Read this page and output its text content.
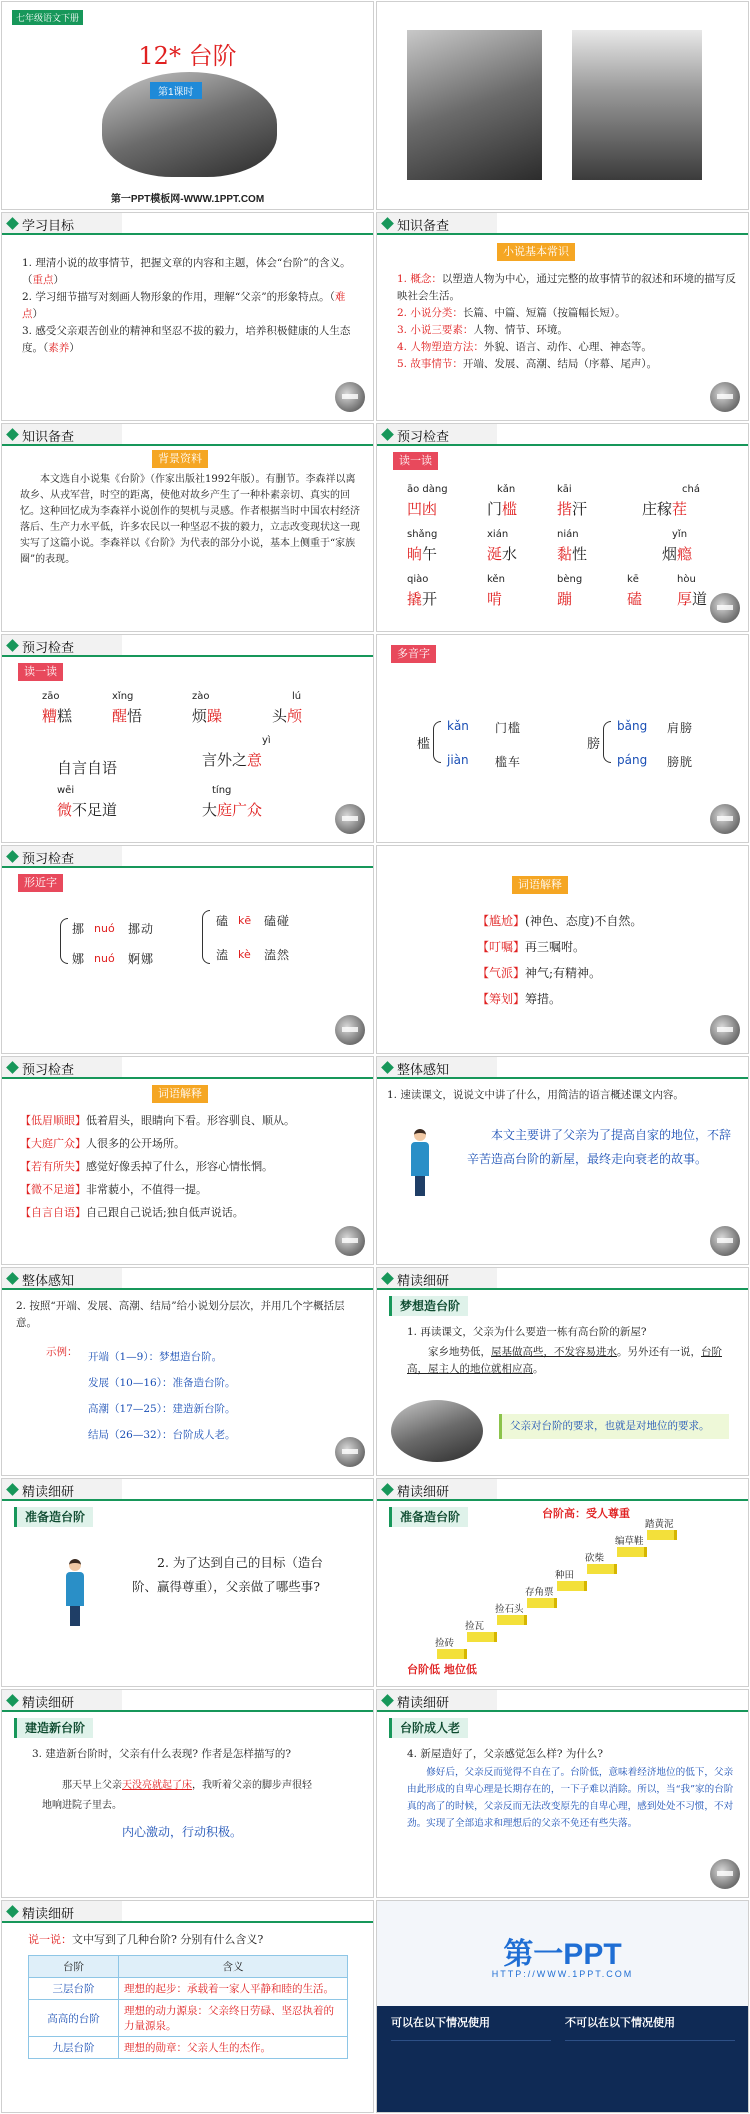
七年级语文下册
12* 台阶
第1课时
第一PPT模板网-WWW.1PPT.COM
学习目标
1. 理清小说的故事情节，把握文章的内容和主题，体会“台阶”的含义。（重点）
2. 学习细节描写对刻画人物形象的作用，理解“父亲”的形象特点。（难点）
3. 感受父亲艰苦创业的精神和坚忍不拔的毅力，培养积极健康的人生态度。（素养）
知识备查
小说基本常识
1. 概念：以塑造人物为中心，通过完整的故事情节的叙述和环境的描写反映社会生活。
2. 小说分类：长篇、中篇、短篇（按篇幅长短）。
3. 小说三要素：人物、情节、环境。
4. 人物塑造方法：外貌、语言、动作、心理、神态等。
5. 故事情节：开端、发展、高潮、结局（序幕、尾声）。
知识备查
背景资料
本文选自小说集《台阶》（作家出版社1992年版）。有删节。李森祥以离故乡、从戎军营，时空的距离，使他对故乡产生了一种朴素亲切、真实的回忆。这种回忆成为李森祥小说创作的契机与灵感。作者根据当时中国农村经济落后、生产力水平低，许多农民以一种坚忍不拔的毅力，立志改变现状这一现实写了这篇小说。李森祥以《台阶》为代表的部分小说，基本上侧重于“家族圈”的表现。
预习检查
读一读
āo dàng
凹凼
kǎn
门槛
kāi
揩汗
chá
庄稼茬
shǎng
晌午
xián
涎水
nián
黏性
yǐn
烟瘾
qiào
撬开
kěn
啃
bèng
蹦
kē
磕
hòu
厚道
预习检查
读一读
zāo
糟糕
xǐng
醒悟
zào
烦躁
lú
头颅
自言自语
yì
言外之意
wēi
微不足道
tíng
大庭广众
多音字
槛
kǎn 门槛
jiàn 槛车
膀
bǎng 肩膀
páng 膀胱
预习检查
形近字
挪 nuó 挪动
娜 nuó 婀娜
磕 kē 磕碰
溘 kè 溘然
词语解释
【尴尬】(神色、态度)不自然。
【叮嘱】再三嘱咐。
【气派】神气;有精神。
【筹划】筹措。
预习检查
词语解释
【低眉顺眼】低着眉头，眼睛向下看。形容驯良、顺从。
【大庭广众】人很多的公开场所。
【若有所失】感觉好像丢掉了什么，形容心情怅惘。
【微不足道】非常藐小，不值得一提。
【自言自语】自己跟自己说话;独自低声说话。
整体感知
1. 速读课文，说说文中讲了什么，用简洁的语言概述课文内容。
本文主要讲了父亲为了提高自家的地位，不辞辛苦造高台阶的新屋，最终走向衰老的故事。
整体感知
2. 按照“开端、发展、高潮、结局”给小说划分层次，并用几个字概括层意。
示例： 开端（1—9）：梦想造台阶。
发展（10—16）：准备造台阶。
高潮（17—25）：建造新台阶。
结局（26—32）：台阶成人老。
精读细研
梦想造台阶
1. 再读课文，父亲为什么要造一栋有高台阶的新屋?
家乡地势低，屋基做高些，不发容易进水。另外还有一说，台阶高，屋主人的地位就相应高。
父亲对台阶的要求，也就是对地位的要求。
精读细研
准备造台阶
2. 为了达到自己的目标（造台阶、赢得尊重），父亲做了哪些事?
精读细研
准备造台阶	台阶高：受人尊重
台阶低 地位低
捡砖
捡瓦
捡石头
存角票
种田
砍柴
编草鞋
踏黄泥
精读细研
建造新台阶
3. 建造新台阶时，父亲有什么表现? 作者是怎样描写的?
那天早上父亲天没亮就起了床，我听着父亲的脚步声很轻地响进院子里去。
内心激动，行动积极。
精读细研
台阶成人老
4. 新屋造好了，父亲感觉怎么样? 为什么?
修好后，父亲反而觉得不自在了。台阶低，意味着经济地位的低下，父亲由此形成的自卑心理是长期存在的，一下子难以消除。所以，当“我”家的台阶真的高了的时候，父亲反而无法改变原先的自卑心理，感到处处不习惯，不对劲。实现了全部追求和理想后的父亲不免还有些失落。
精读细研
说一说：文中写到了几种台阶? 分别有什么含义?
台阶	含义
三层台阶	理想的起步：承载着一家人平静和睦的生活。
高高的台阶	理想的动力源泉：父亲终日劳碌、坚忍执着的力量源泉。
九层台阶	理想的勋章：父亲人生的杰作。
第一PPT
HTTP://WWW.1PPT.COM
可以在以下情况使用	不可以在以下情况使用
